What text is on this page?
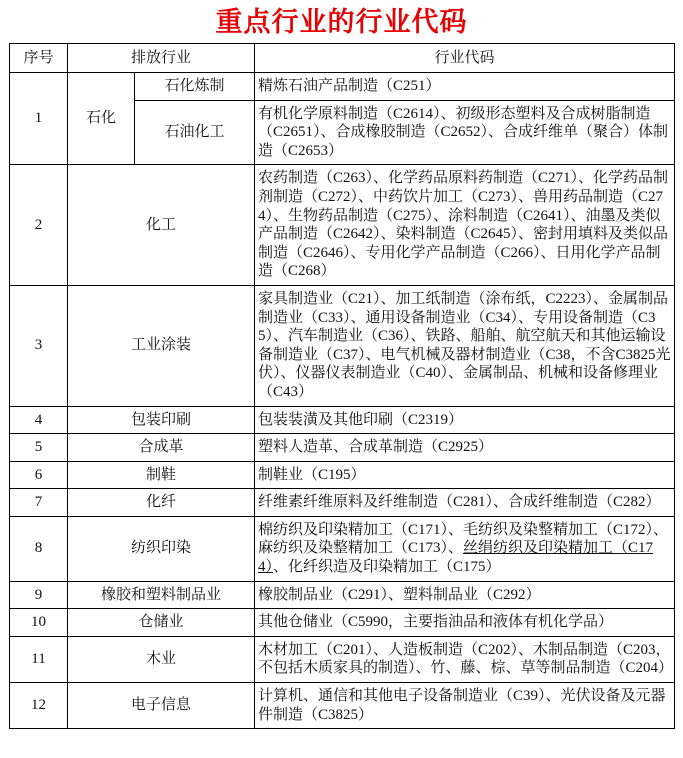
重点行业的行业代码
序号	排放行业		行业代码
1	石化	石化炼制	精炼石油产品制造（C251）
		石油化工	有机化学原料制造（C2614）、初级形态塑料及合成树脂制造（C2651）、合成橡胶制造（C2652）、合成纤维单（聚合）体制造（C2653）
2	化工		农药制造（C263）、化学药品原料药制造（C271）、化学药品制剂制造（C272）、中药饮片加工（C273）、兽用药品制造（C274）、生物药品制造（C275）、涂料制造（C2641）、油墨及类似产品制造（C2642）、染料制造（C2645）、密封用填料及类似品制造（C2646）、专用化学产品制造（C266）、日用化学产品制造（C268）
3	工业涂装		家具制造业（C21）、加工纸制造（涂布纸，C2223）、金属制品制造业（C33）、通用设备制造业（C34）、专用设备制造（C35）、汽车制造业（C36）、铁路、船舶、航空航天和其他运输设备制造业（C37）、电气机械及器材制造业（C38，不含C3825光伏）、仪器仪表制造业（C40）、金属制品、机械和设备修理业（C43）
4	包装印刷		包装装潢及其他印刷（C2319）
5	合成革		塑料人造革、合成革制造（C2925）
6	制鞋		制鞋业（C195）
7	化纤		纤维素纤维原料及纤维制造（C281）、合成纤维制造（C282）
8	纺织印染		棉纺织及印染精加工（C171）、毛纺织及染整精加工（C172）、麻纺织及染整精加工（C173）、丝绢纺织及印染精加工（C174）、化纤织造及印染精加工（C175）
9	橡胶和塑料制品业		橡胶制品业（C291）、塑料制品业（C292）
10	仓储业		其他仓储业（C5990，主要指油品和液体有机化学品）
11	木业		木材加工（C201）、人造板制造（C202）、木制品制造（C203，不包括木质家具的制造）、竹、藤、棕、草等制品制造（C204）
12	电子信息		计算机、通信和其他电子设备制造业（C39）、光伏设备及元器件制造（C3825）
